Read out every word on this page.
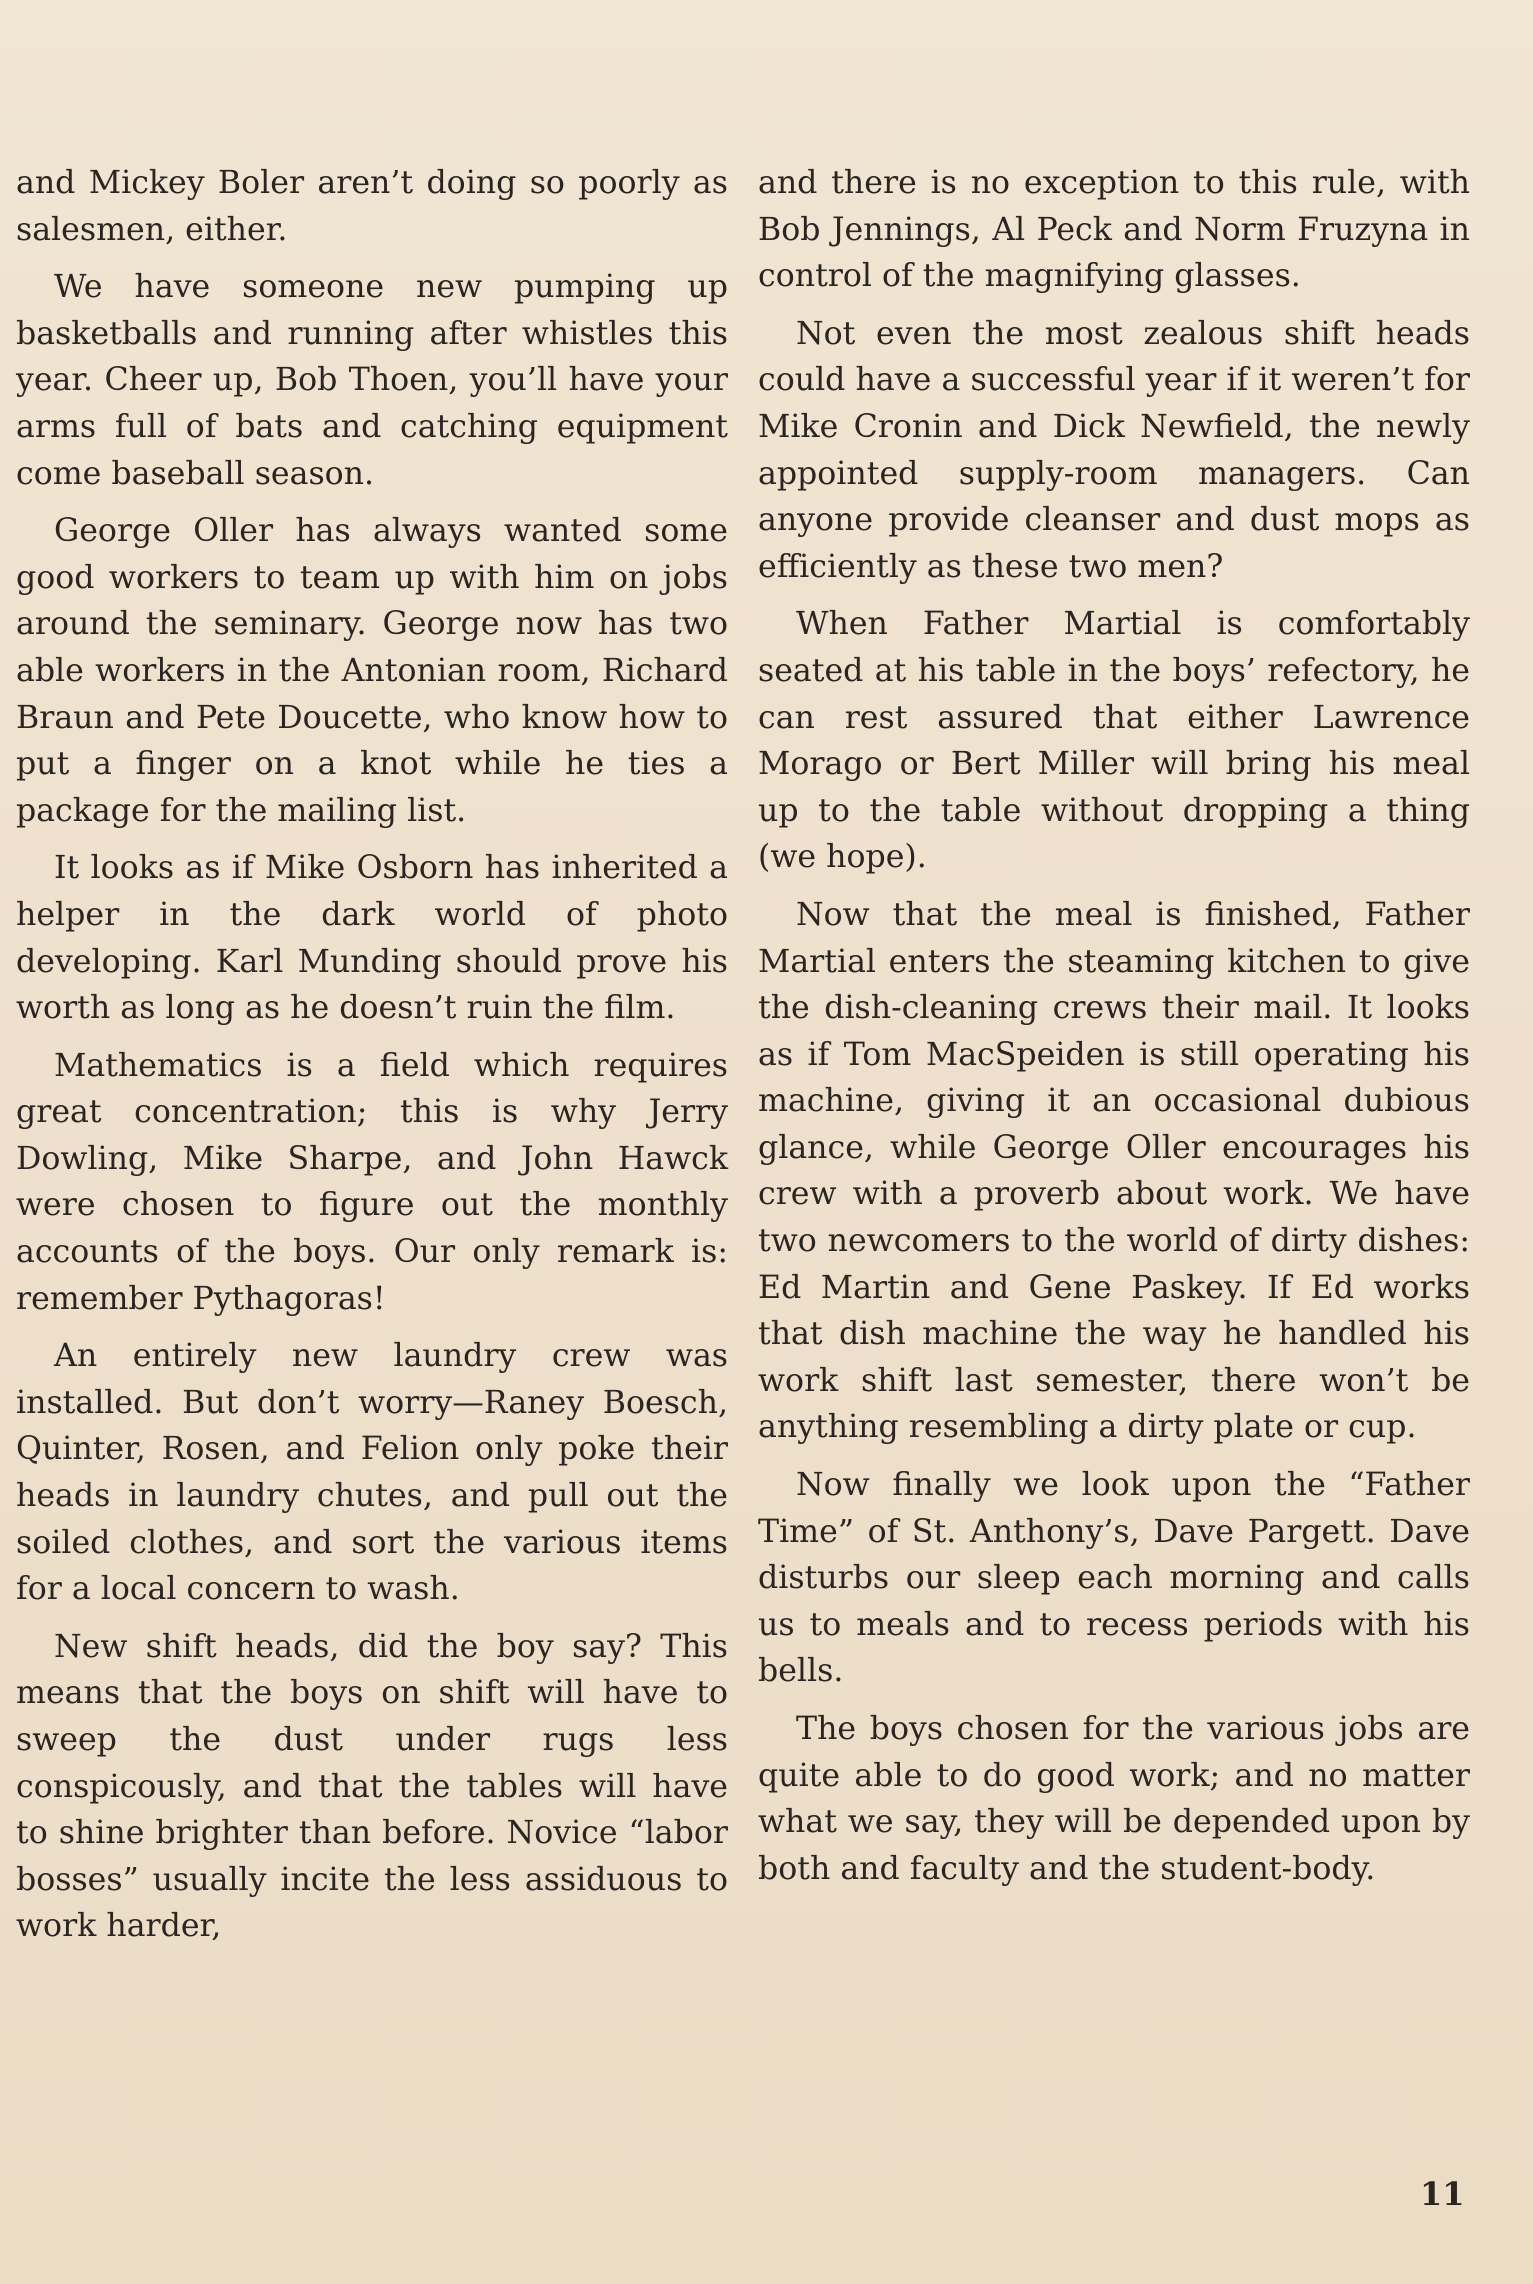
and Mickey Boler aren’t doing so poorly as salesmen, either.

We have someone new pumping up basketballs and running after whistles this year. Cheer up, Bob Thoen, you’ll have your arms full of bats and catching equipment come baseball season.

George Oller has always wanted some good workers to team up with him on jobs around the seminary. George now has two able workers in the Antonian room, Richard Braun and Pete Doucette, who know how to put a finger on a knot while he ties a package for the mailing list.

It looks as if Mike Osborn has inherited a helper in the dark world of photo developing. Karl Munding should prove his worth as long as he doesn’t ruin the film.

Mathematics is a field which requires great concentration; this is why Jerry Dowling, Mike Sharpe, and John Hawck were chosen to figure out the monthly accounts of the boys. Our only remark is: remember Pythagoras!

An entirely new laundry crew was installed. But don’t worry—Raney Boesch, Quinter, Rosen, and Felion only poke their heads in laundry chutes, and pull out the soiled clothes, and sort the various items for a local concern to wash.

New shift heads, did the boy say? This means that the boys on shift will have to sweep the dust under rugs less conspicously, and that the tables will have to shine brighter than before. Novice “labor bosses” usually incite the less assiduous to work harder,

and there is no exception to this rule, with Bob Jennings, Al Peck and Norm Fruzyna in control of the magnifying glasses.

Not even the most zealous shift heads could have a successful year if it weren’t for Mike Cronin and Dick Newfield, the newly appointed supply-room managers. Can anyone provide cleanser and dust mops as efficiently as these two men?

When Father Martial is comfortably seated at his table in the boys’ refectory, he can rest assured that either Lawrence Morago or Bert Miller will bring his meal up to the table without dropping a thing (we hope).

Now that the meal is finished, Father Martial enters the steaming kitchen to give the dish-cleaning crews their mail. It looks as if Tom MacSpeiden is still operating his machine, giving it an occasional dubious glance, while George Oller encourages his crew with a proverb about work. We have two newcomers to the world of dirty dishes: Ed Martin and Gene Paskey. If Ed works that dish machine the way he handled his work shift last semester, there won’t be anything resembling a dirty plate or cup.

Now finally we look upon the “Father Time” of St. Anthony’s, Dave Pargett. Dave disturbs our sleep each morning and calls us to meals and to recess periods with his bells.

The boys chosen for the various jobs are quite able to do good work; and no matter what we say, they will be depended upon by both and faculty and the student-body.

11
